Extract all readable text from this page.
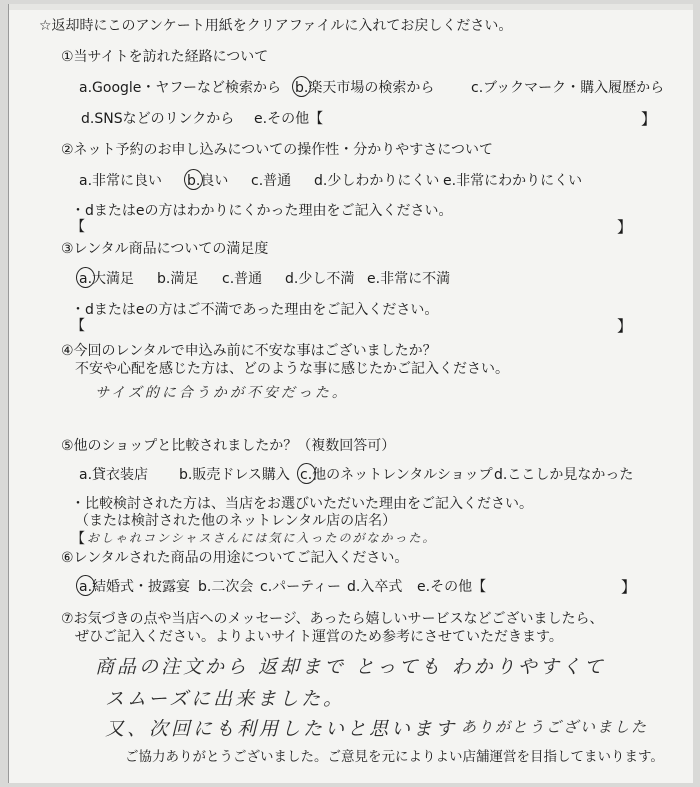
☆返却時にこのアンケート用紙をクリアファイルに入れてお戻しください。
①当サイトを訪れた経路について
a.Google・ヤフーなど検索から b.楽天市場の検索から	c.ブックマーク・購入履歴から
d.SNSなどのリンクから e.その他【	】
②ネット予約のお申し込みについての操作性・分かりやすさについて
a.非常に良い b.良い c.普通 d.少しわかりにくい e.非常にわかりにくい
・dまたはeの方はわかりにくかった理由をご記入ください。
【	】
③レンタル商品についての満足度
a.大満足 b.満足 c.普通 d.少し不満 e.非常に不満
・dまたはeの方はご不満であった理由をご記入ください。
【	】
④今回のレンタルで申込み前に不安な事はございましたか？
不安や心配を感じた方は、どのような事に感じたかご記入ください。
サイズ的に合うかが不安だった。
⑤他のショップと比較されましたか？（複数回答可）
a.貸衣装店 b.販売ドレス購入 c.他のネットレンタルショップ d.ここしか見なかった
・比較検討された方は、当店をお選びいただいた理由をご記入ください。
（または検討された他のネットレンタル店の店名）
【 おしゃれコンシャスさんには気に入ったのがなかった。
⑥レンタルされた商品の用途についてご記入ください。
a.結婚式・披露宴 b.二次会 c.パーティー d.入卒式 e.その他【	】
⑦お気づきの点や当店へのメッセージ、あったら嬉しいサービスなどございましたら、
ぜひご記入ください。よりよいサイト運営のため参考にさせていただきます。
商品の注文から 返却まで とっても わかりやすくて
スムーズに出来ました。
又、次回にも利用したいと思います ありがとうございました
ご協力ありがとうございました。ご意見を元によりよい店舗運営を目指してまいります。
